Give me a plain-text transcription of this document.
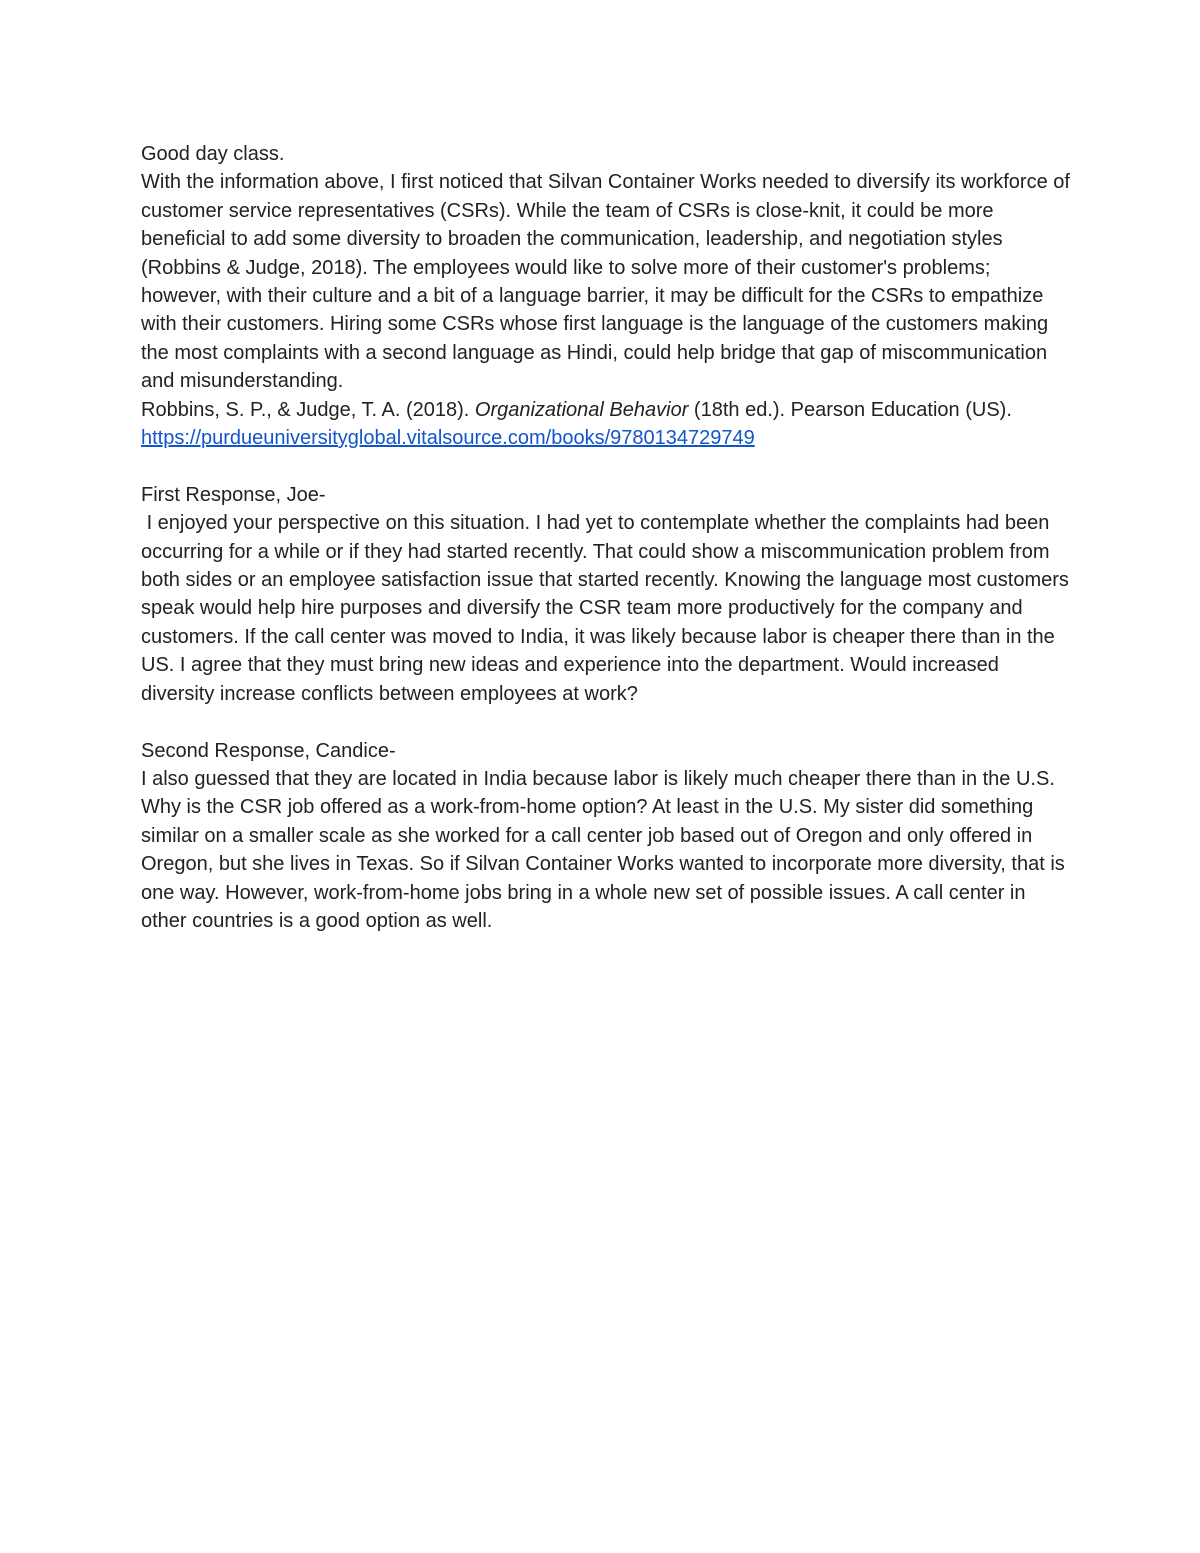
Good day class.

With the information above, I first noticed that Silvan Container Works needed to diversify its workforce of customer service representatives (CSRs). While the team of CSRs is close-knit, it could be more beneficial to add some diversity to broaden the communication, leadership, and negotiation styles (Robbins & Judge, 2018). The employees would like to solve more of their customer's problems; however, with their culture and a bit of a language barrier, it may be difficult for the CSRs to empathize with their customers. Hiring some CSRs whose first language is the language of the customers making the most complaints with a second language as Hindi, could help bridge that gap of miscommunication and misunderstanding.

Robbins, S. P., & Judge, T. A. (2018). Organizational Behavior (18th ed.). Pearson Education (US). https://purdueuniversityglobal.vitalsource.com/books/9780134729749

First Response, Joe-

I enjoyed your perspective on this situation. I had yet to contemplate whether the complaints had been occurring for a while or if they had started recently. That could show a miscommunication problem from both sides or an employee satisfaction issue that started recently. Knowing the language most customers speak would help hire purposes and diversify the CSR team more productively for the company and customers. If the call center was moved to India, it was likely because labor is cheaper there than in the US. I agree that they must bring new ideas and experience into the department. Would increased diversity increase conflicts between employees at work?

Second Response, Candice-

I also guessed that they are located in India because labor is likely much cheaper there than in the U.S. Why is the CSR job offered as a work-from-home option? At least in the U.S. My sister did something similar on a smaller scale as she worked for a call center job based out of Oregon and only offered in Oregon, but she lives in Texas. So if Silvan Container Works wanted to incorporate more diversity, that is one way. However, work-from-home jobs bring in a whole new set of possible issues. A call center in other countries is a good option as well.
